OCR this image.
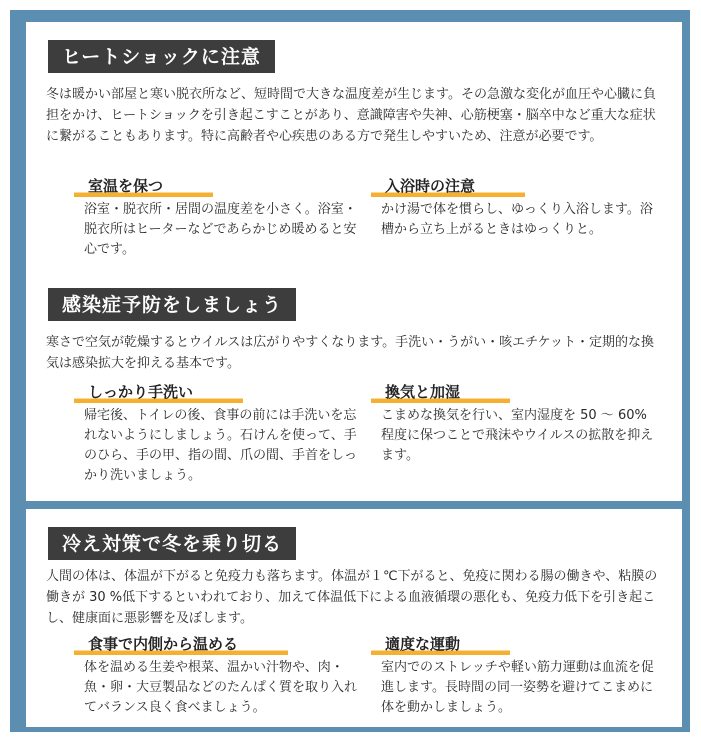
ヒートショックに注意

冬は暖かい部屋と寒い脱衣所など、短時間で大きな温度差が生じます。その急激な変化が血圧や心臓に負担をかけ、ヒートショックを引き起こすことがあり、意識障害や失神、心筋梗塞・脳卒中など重大な症状に繋がることもあります。特に高齢者や心疾患のある方で発生しやすいため、注意が必要です。

室温を保つ

浴室・脱衣所・居間の温度差を小さく。浴室・脱衣所はヒーターなどであらかじめ暖めると安心です。

入浴時の注意

かけ湯で体を慣らし、ゆっくり入浴します。浴槽から立ち上がるときはゆっくりと。

感染症予防をしましょう

寒さで空気が乾燥するとウイルスは広がりやすくなります。手洗い・うがい・咳エチケット・定期的な換気は感染拡大を抑える基本です。

しっかり手洗い

帰宅後、トイレの後、食事の前には手洗いを忘れないようにしましょう。石けんを使って、手のひら、手の甲、指の間、爪の間、手首をしっかり洗いましょう。

換気と加湿

こまめな換気を行い、室内湿度を 50 ～ 60% 程度に保つことで飛沫やウイルスの拡散を抑えます。

冷え対策で冬を乗り切る

人間の体は、体温が下がると免疫力も落ちます。体温が１℃下がると、免疫に関わる腸の働きや、粘膜の働きが 30 %低下するといわれており、加えて体温低下による血液循環の悪化も、免疫力低下を引き起こし、健康面に悪影響を及ぼします。

食事で内側から温める

体を温める生姜や根菜、温かい汁物や、肉・魚・卵・大豆製品などのたんぱく質を取り入れてバランス良く食べましょう。

適度な運動

室内でのストレッチや軽い筋力運動は血流を促進します。長時間の同一姿勢を避けてこまめに体を動かしましょう。
